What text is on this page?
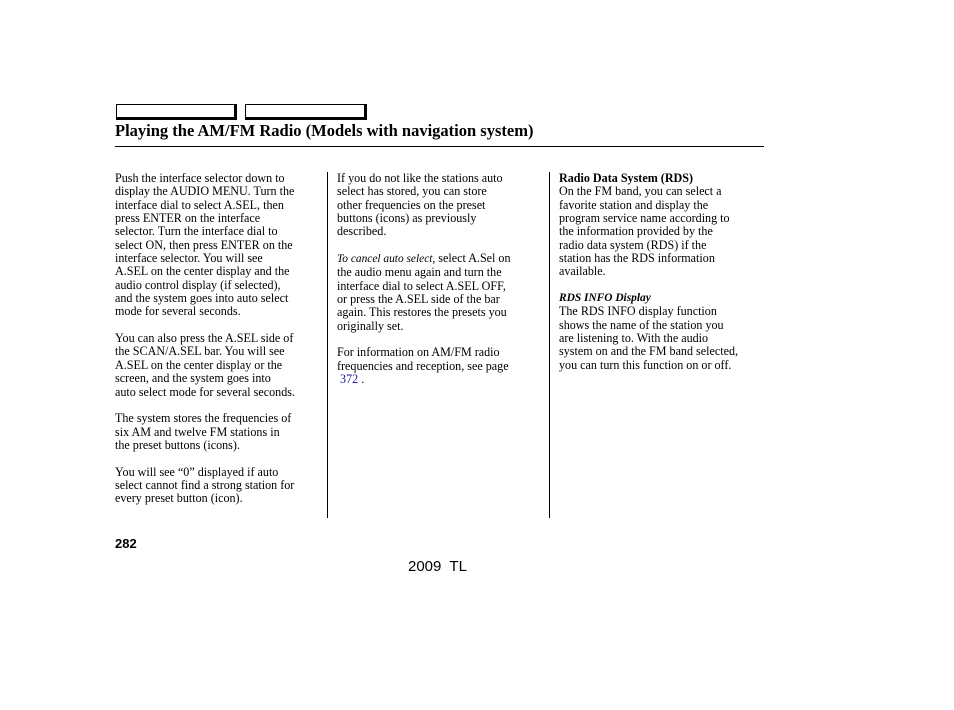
Playing the AM/FM Radio (Models with navigation system)

Push the interface selector down to
display the AUDIO MENU. Turn the
interface dial to select A.SEL, then
press ENTER on the interface
selector. Turn the interface dial to
select ON, then press ENTER on the
interface selector. You will see
A.SEL on the center display and the
audio control display (if selected),
and the system goes into auto select
mode for several seconds.

You can also press the A.SEL side of
the SCAN/A.SEL bar. You will see
A.SEL on the center display or the
screen, and the system goes into
auto select mode for several seconds.

The system stores the frequencies of
six AM and twelve FM stations in
the preset buttons (icons).

You will see “0” displayed if auto
select cannot find a strong station for
every preset button (icon).

If you do not like the stations auto
select has stored, you can store
other frequencies on the preset
buttons (icons) as previously
described.

To cancel auto select, select A.Sel on
the audio menu again and turn the
interface dial to select A.SEL OFF,
or press the A.SEL side of the bar
again. This restores the presets you
originally set.

For information on AM/FM radio
frequencies and reception, see page
372 .

Radio Data System (RDS)

On the FM band, you can select a
favorite station and display the
program service name according to
the information provided by the
radio data system (RDS) if the
station has the RDS information
available.

RDS INFO Display

The RDS INFO display function
shows the name of the station you
are listening to. With the audio
system on and the FM band selected,
you can turn this function on or off.

282
2009  TL
